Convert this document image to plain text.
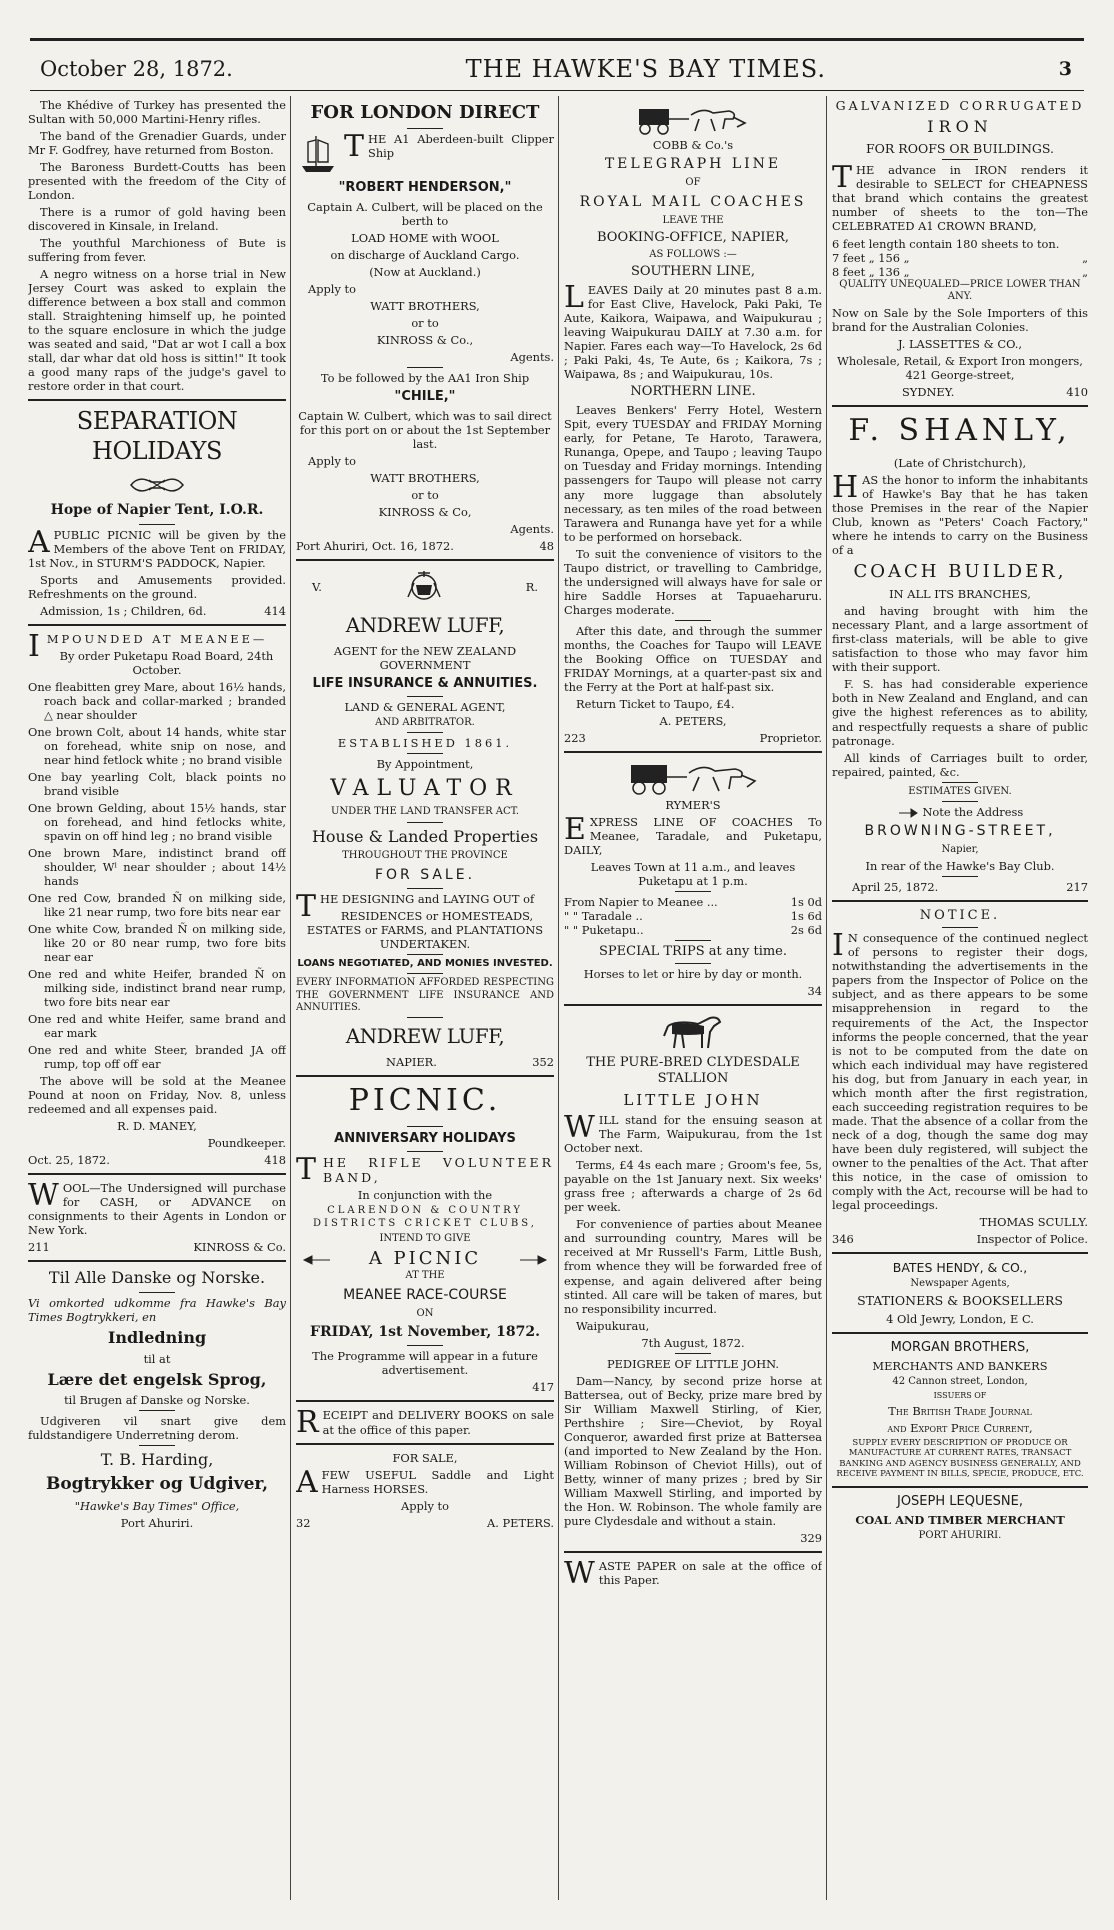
October 28, 1872.	THE HAWKE'S BAY TIMES.	3

The Khédive of Turkey has presented the Sultan with 50,000 Martini-Henry rifles.

The band of the Grenadier Guards, under Mr F. Godfrey, have returned from Boston.

The Baroness Burdett-Coutts has been presented with the freedom of the City of London.

There is a rumor of gold having been discovered in Kinsale, in Ireland.

The youthful Marchioness of Bute is suffering from fever.

A negro witness on a horse trial in New Jersey Court was asked to explain the difference between a box stall and common stall. Straightening himself up, he pointed to the square enclosure in which the judge was seated and said, "Dat ar wot I call a box stall, dar whar dat old hoss is sittin!" It took a good many raps of the judge's gavel to restore order in that court.

SEPARATION HOLIDAYS
Hope of Napier Tent, I.O.R.

APUBLIC PICNIC will be given by the Members of the above Tent on FRIDAY, 1st Nov., in STURM'S PADDOCK, Napier.

Sports and Amusements provided. Refreshments on the ground.

Admission, 1s ; Children, 6d.	414

IMPOUNDED AT MEANEE—

By order Puketapu Road Board, 24th October.

One fleabitten grey Mare, about 16½ hands, roach back and collar-marked ; branded △ near shoulder

One brown Colt, about 14 hands, white star on forehead, white snip on nose, and near hind fetlock white ; no brand visible

One bay yearling Colt, black points no brand visible

One brown Gelding, about 15½ hands, star on forehead, and hind fetlocks white, spavin on off hind leg ; no brand visible

One brown Mare, indistinct brand off shoulder, Wˡ near shoulder ; about 14½ hands

One red Cow, branded Ñ on milking side, like 21 near rump, two fore bits near ear

One white Cow, branded Ñ on milking side, like 20 or 80 near rump, two fore bits near ear

One red and white Heifer, branded Ñ on milking side, indistinct brand near rump, two fore bits near ear

One red and white Heifer, same brand and ear mark

One red and white Steer, branded JA off rump, top off off ear

The above will be sold at the Meanee Pound at noon on Friday, Nov. 8, unless redeemed and all expenses paid.

R. D. MANEY,

Poundkeeper.

Oct. 25, 1872.	418

WOOL—The Undersigned will purchase for CASH, or ADVANCE on consignments to their Agents in London or New York.

211	KINROSS & Co.
Til Alle Danske og Norske.

Vi omkorted udkomme fra Hawke's Bay Times Bogtrykkeri, en

Indledning

til at

Lære det engelsk Sprog,

til Brugen af Danske og Norske.

Udgiveren vil snart give dem fuldstandigere Underretning derom.

T. B. Harding,
Bogtrykker og Udgiver,

"Hawke's Bay Times" Office,

Port Ahuriri.

FOR LONDON DIRECT

THE A1 Aberdeen-built Clipper Ship

"ROBERT HENDERSON,"

Captain A. Culbert, will be placed on the berth to

LOAD HOME with WOOL

on discharge of Auckland Cargo.

(Now at Auckland.)

Apply to

WATT BROTHERS,

or to

KINROSS & Co.,

Agents.

To be followed by the AA1 Iron Ship

"CHILE,"

Captain W. Culbert, which was to sail direct for this port on or about the 1st September last.

Apply to

WATT BROTHERS,

or to

KINROSS & Co,

Agents.

Port Ahuriri, Oct. 16, 1872.	48
V.	R.
ANDREW LUFF,

AGENT for the NEW ZEALAND GOVERNMENT

LIFE INSURANCE & ANNUITIES.

LAND & GENERAL AGENT,

AND ARBITRATOR.

ESTABLISHED 1861.

By Appointment,

VALUATOR

UNDER THE LAND TRANSFER ACT.

House & Landed Properties

THROUGHOUT THE PROVINCE

FOR SALE.

THE DESIGNING and LAYING OUT of

RESIDENCES or HOMESTEADS, ESTATES or FARMS, and PLANTATIONS UNDERTAKEN.

LOANS NEGOTIATED, AND MONIES INVESTED.

EVERY INFORMATION AFFORDED RESPECTING THE GOVERNMENT LIFE INSURANCE AND ANNUITIES.

ANDREW LUFF,
NAPIER.	352
PICNIC.
ANNIVERSARY HOLIDAYS

THE RIFLE VOLUNTEER BAND,

In conjunction with the

CLARENDON & COUNTRY DISTRICTS CRICKET CLUBS,

INTEND TO GIVE

A PICNIC

AT THE

MEANEE RACE-COURSE

ON

FRIDAY, 1st November, 1872.

The Programme will appear in a future advertisement.

417

RECEIPT and DELIVERY BOOKS on sale at the office of this paper.

FOR SALE,

AFEW USEFUL Saddle and Light Harness HORSES.

Apply to

32	A. PETERS.

COBB & Co.'s

TELEGRAPH LINE

OF

ROYAL MAIL COACHES

LEAVE THE

BOOKING-OFFICE, NAPIER,

AS FOLLOWS :—

SOUTHERN LINE,

LEAVES Daily at 20 minutes past 8 a.m. for East Clive, Havelock, Paki Paki, Te Aute, Kaikora, Waipawa, and Waipukurau ; leaving Waipukurau DAILY at 7.30 a.m. for Napier. Fares each way—To Havelock, 2s 6d ; Paki Paki, 4s, Te Aute, 6s ; Kaikora, 7s ; Waipawa, 8s ; and Waipukurau, 10s.

NORTHERN LINE.

Leaves Benkers' Ferry Hotel, Western Spit, every TUESDAY and FRIDAY Morning early, for Petane, Te Haroto, Tarawera, Runanga, Opepe, and Taupo ; leaving Taupo on Tuesday and Friday mornings. Intending passengers for Taupo will please not carry any more luggage than absolutely necessary, as ten miles of the road between Tarawera and Runanga have yet for a while to be performed on horseback.

To suit the convenience of visitors to the Taupo district, or travelling to Cambridge, the undersigned will always have for sale or hire Saddle Horses at Tapuaeharuru. Charges moderate.

After this date, and through the summer months, the Coaches for Taupo will LEAVE the Booking Office on TUESDAY and FRIDAY Mornings, at a quarter-past six and the Ferry at the Port at half-past six.

Return Ticket to Taupo, £4.

A. PETERS,

223	Proprietor.

RYMER'S

EXPRESS LINE OF COACHES To Meanee, Taradale, and Puketapu, DAILY,

Leaves Town at 11 a.m., and leaves Puketapu at 1 p.m.

From Napier to Meanee ...	1s 0d
" " Taradale ..	1s 6d
" " Puketapu..	2s 6d

SPECIAL TRIPS at any time.

Horses to let or hire by day or month.

34

THE PURE-BRED CLYDESDALE STALLION

LITTLE JOHN

WILL stand for the ensuing season at The Farm, Waipukurau, from the 1st October next.

Terms, £4 4s each mare ; Groom's fee, 5s, payable on the 1st January next. Six weeks' grass free ; afterwards a charge of 2s 6d per week.

For convenience of parties about Meanee and surrounding country, Mares will be received at Mr Russell's Farm, Little Bush, from whence they will be forwarded free of expense, and again delivered after being stinted. All care will be taken of mares, but no responsibility incurred.

Waipukurau,

7th August, 1872.

PEDIGREE OF LITTLE JOHN.

Dam—Nancy, by second prize horse at Battersea, out of Becky, prize mare bred by Sir William Maxwell Stirling, of Kier, Perthshire ; Sire—Cheviot, by Royal Conqueror, awarded first prize at Battersea (and imported to New Zealand by the Hon. William Robinson of Cheviot Hills), out of Betty, winner of many prizes ; bred by Sir William Maxwell Stirling, and imported by the Hon. W. Robinson. The whole family are pure Clydesdale and without a stain.

329

WASTE PAPER on sale at the office of this Paper.

GALVANIZED CORRUGATED

IRON

FOR ROOFS OR BUILDINGS.

THE advance in IRON renders it desirable to SELECT for CHEAPNESS that brand which contains the greatest number of sheets to the ton—The CELEBRATED A1 CROWN BRAND,

6 feet length contain 180 sheets to ton.
7 feet „ 156 „	„
8 feet „ 136 „	„

QUALITY UNEQUALED—PRICE LOWER THAN ANY.

Now on Sale by the Sole Importers of this brand for the Australian Colonies.

J. LASSETTES & CO.,

Wholesale, Retail, & Export Iron mongers, 421 George-street,

SYDNEY.	410
F. SHANLY,

(Late of Christchurch),

HAS the honor to inform the inhabitants of Hawke's Bay that he has taken those Premises in the rear of the Napier Club, known as "Peters' Coach Factory," where he intends to carry on the Business of a

COACH BUILDER,

IN ALL ITS BRANCHES,

and having brought with him the necessary Plant, and a large assortment of first-class materials, will be able to give satisfaction to those who may favor him with their support.

F. S. has had considerable experience both in New Zealand and England, and can give the highest references as to ability, and respectfully requests a share of public patronage.

All kinds of Carriages built to order, repaired, painted, &c.

ESTIMATES GIVEN.

Note the Address
BROWNING-STREET,

Napier,

In rear of the Hawke's Bay Club.

April 25, 1872.	217

NOTICE.

I N consequence of the continued neglect of persons to register their dogs, notwithstanding the advertisements in the papers from the Inspector of Police on the subject, and as there appears to be some misapprehension in regard to the requirements of the Act, the Inspector informs the people concerned, that the year is not to be computed from the date on which each individual may have registered his dog, but from January in each year, in which month after the first registration, each succeeding registration requires to be made. That the absence of a collar from the neck of a dog, though the same dog may have been duly registered, will subject the owner to the penalties of the Act. That after this notice, in the case of omission to comply with the Act, recourse will be had to legal proceedings.

THOMAS SCULLY.

346	Inspector of Police.

BATES HENDY, & CO.,

Newspaper Agents,

STATIONERS & BOOKSELLERS

4 Old Jewry, London, E C.

MORGAN BROTHERS,

MERCHANTS AND BANKERS

42 Cannon street, London,

ISSUERS OF

The British Trade Journal

and Export Price Current,

SUPPLY EVERY DESCRIPTION OF PRODUCE OR MANUFACTURE AT CURRENT RATES, TRANSACT BANKING AND AGENCY BUSINESS GENERALLY, AND RECEIVE PAYMENT IN BILLS, SPECIE, PRODUCE, ETC.

JOSEPH LEQUESNE,

COAL AND TIMBER MERCHANT

PORT AHURIRI.
